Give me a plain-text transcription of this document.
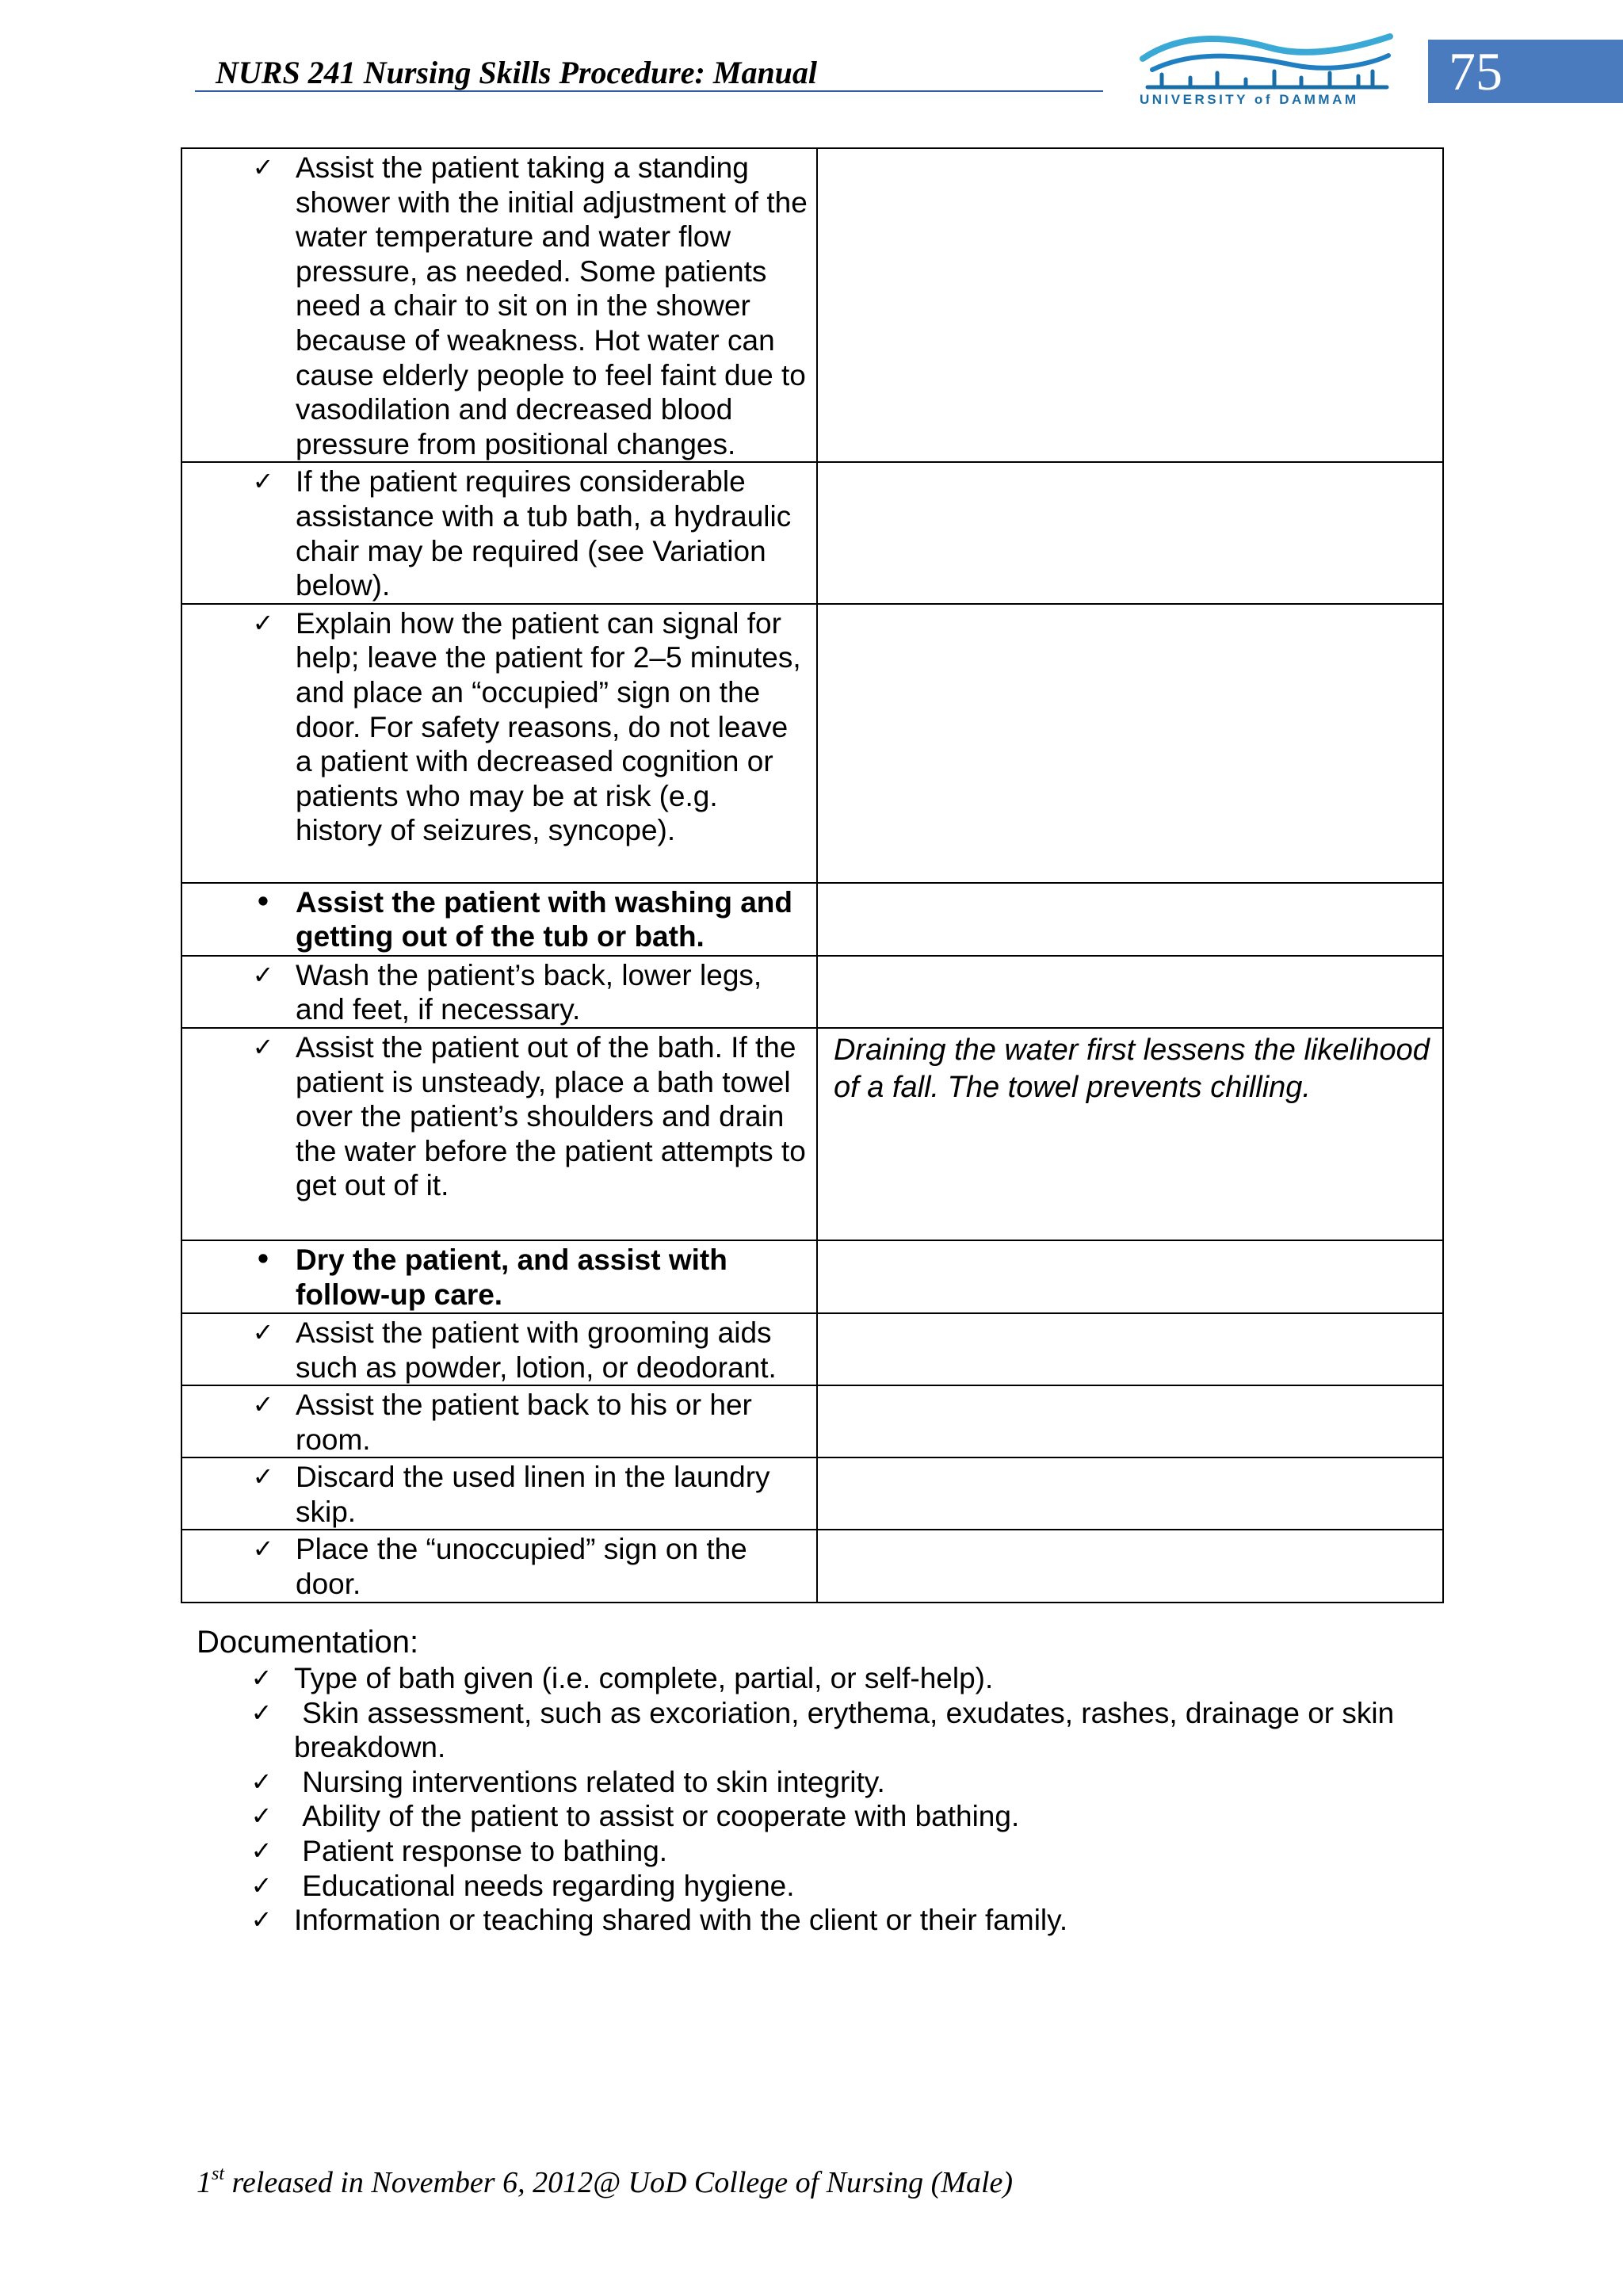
NURS 241 Nursing Skills Procedure: Manual
UNIVERSITY of DAMMAM	75
✓ Assist the patient taking a standing shower with the initial adjustment of the water temperature and water flow pressure, as needed. Some patients need a chair to sit on in the shower because of weakness. Hot water can cause elderly people to feel faint due to vasodilation and decreased blood pressure from positional changes.	

✓ If the patient requires considerable assistance with a tub bath, a hydraulic chair may be required (see Variation below).	

✓ Explain how the patient can signal for help; leave the patient for 2–5 minutes, and place an “occupied” sign on the door. For safety reasons, do not leave a patient with decreased cognition or patients who may be at risk (e.g. history of seizures, syncope).	

• Assist the patient with washing and getting out of the tub or bath.	

✓ Wash the patient’s back, lower legs, and feet, if necessary.	

✓ Assist the patient out of the bath. If the patient is unsteady, place a bath towel over the patient’s shoulders and drain the water before the patient attempts to get out of it.	Draining the water first lessens the likelihood of a fall. The towel prevents chilling.

• Dry the patient, and assist with follow-up care.	

✓ Assist the patient with grooming aids such as powder, lotion, or deodorant.	

✓ Assist the patient back to his or her room.	

✓ Discard the used linen in the laundry skip.	

✓ Place the “unoccupied” sign on the door.	

Documentation:
✓ Type of bath given (i.e. complete, partial, or self-help).
✓ Skin assessment, such as excoriation, erythema, exudates, rashes, drainage or skin breakdown.
✓ Nursing interventions related to skin integrity.
✓ Ability of the patient to assist or cooperate with bathing.
✓ Patient response to bathing.
✓ Educational needs regarding hygiene.
✓ Information or teaching shared with the client or their family.
1st released in November 6, 2012@ UoD College of Nursing (Male)
